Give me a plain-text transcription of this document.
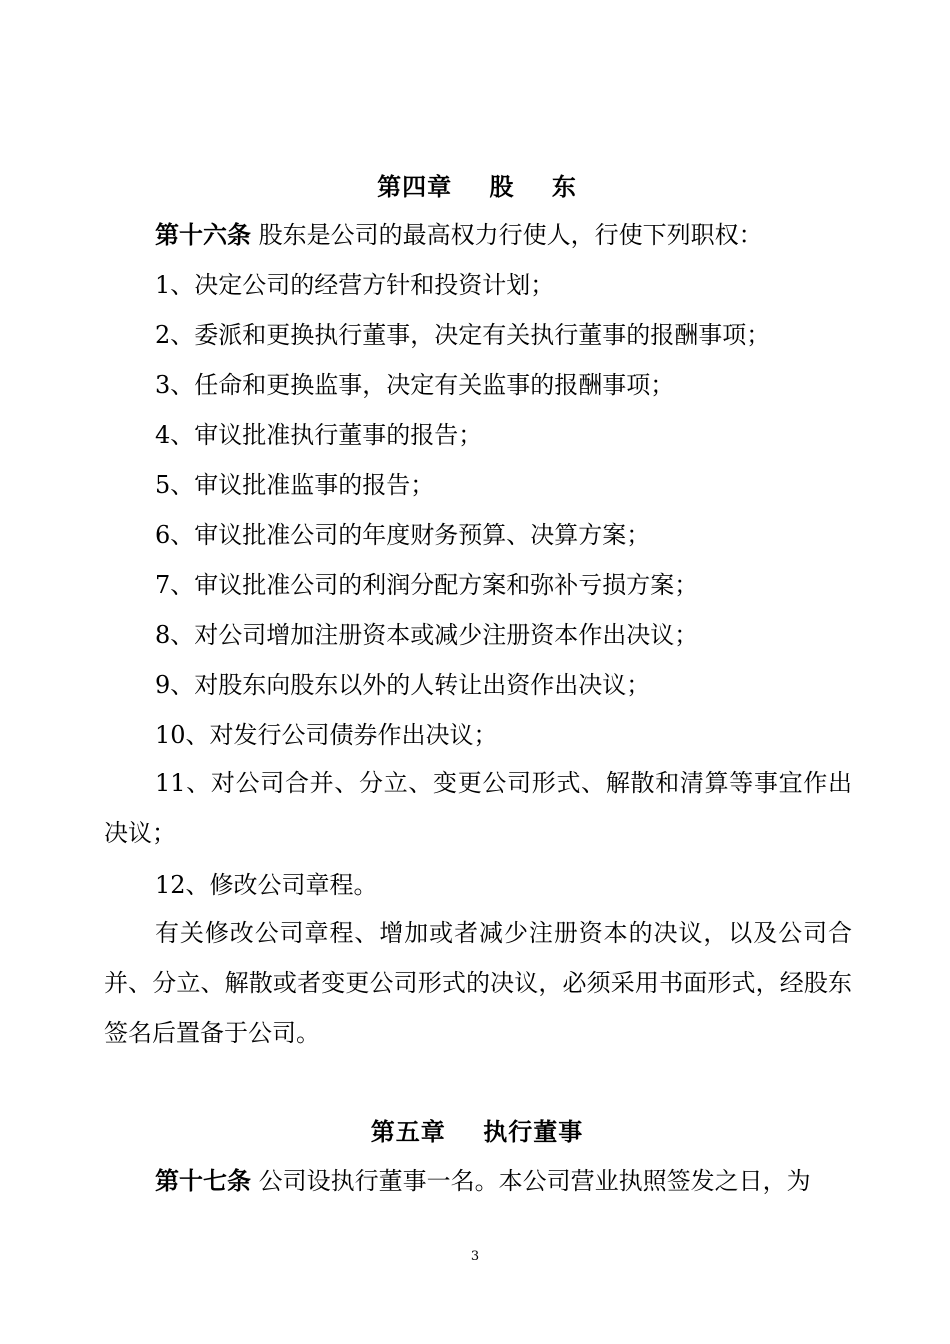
第四章    股    东

第十六条 股东是公司的最高权力行使人，行使下列职权：

1、决定公司的经营方针和投资计划；

2、委派和更换执行董事，决定有关执行董事的报酬事项；

3、任命和更换监事，决定有关监事的报酬事项；

4、审议批准执行董事的报告；

5、审议批准监事的报告；

6、审议批准公司的年度财务预算、决算方案；

7、审议批准公司的利润分配方案和弥补亏损方案；

8、对公司增加注册资本或减少注册资本作出决议；

9、对股东向股东以外的人转让出资作出决议；

10、对发行公司债券作出决议；

11、对公司合并、分立、变更公司形式、解散和清算等事宜作出决议；

12、修改公司章程。

有关修改公司章程、增加或者减少注册资本的决议，以及公司合并、分立、解散或者变更公司形式的决议，必须采用书面形式，经股东签名后置备于公司。

第五章    执行董事

第十七条 公司设执行董事一名。本公司营业执照签发之日，为

3
